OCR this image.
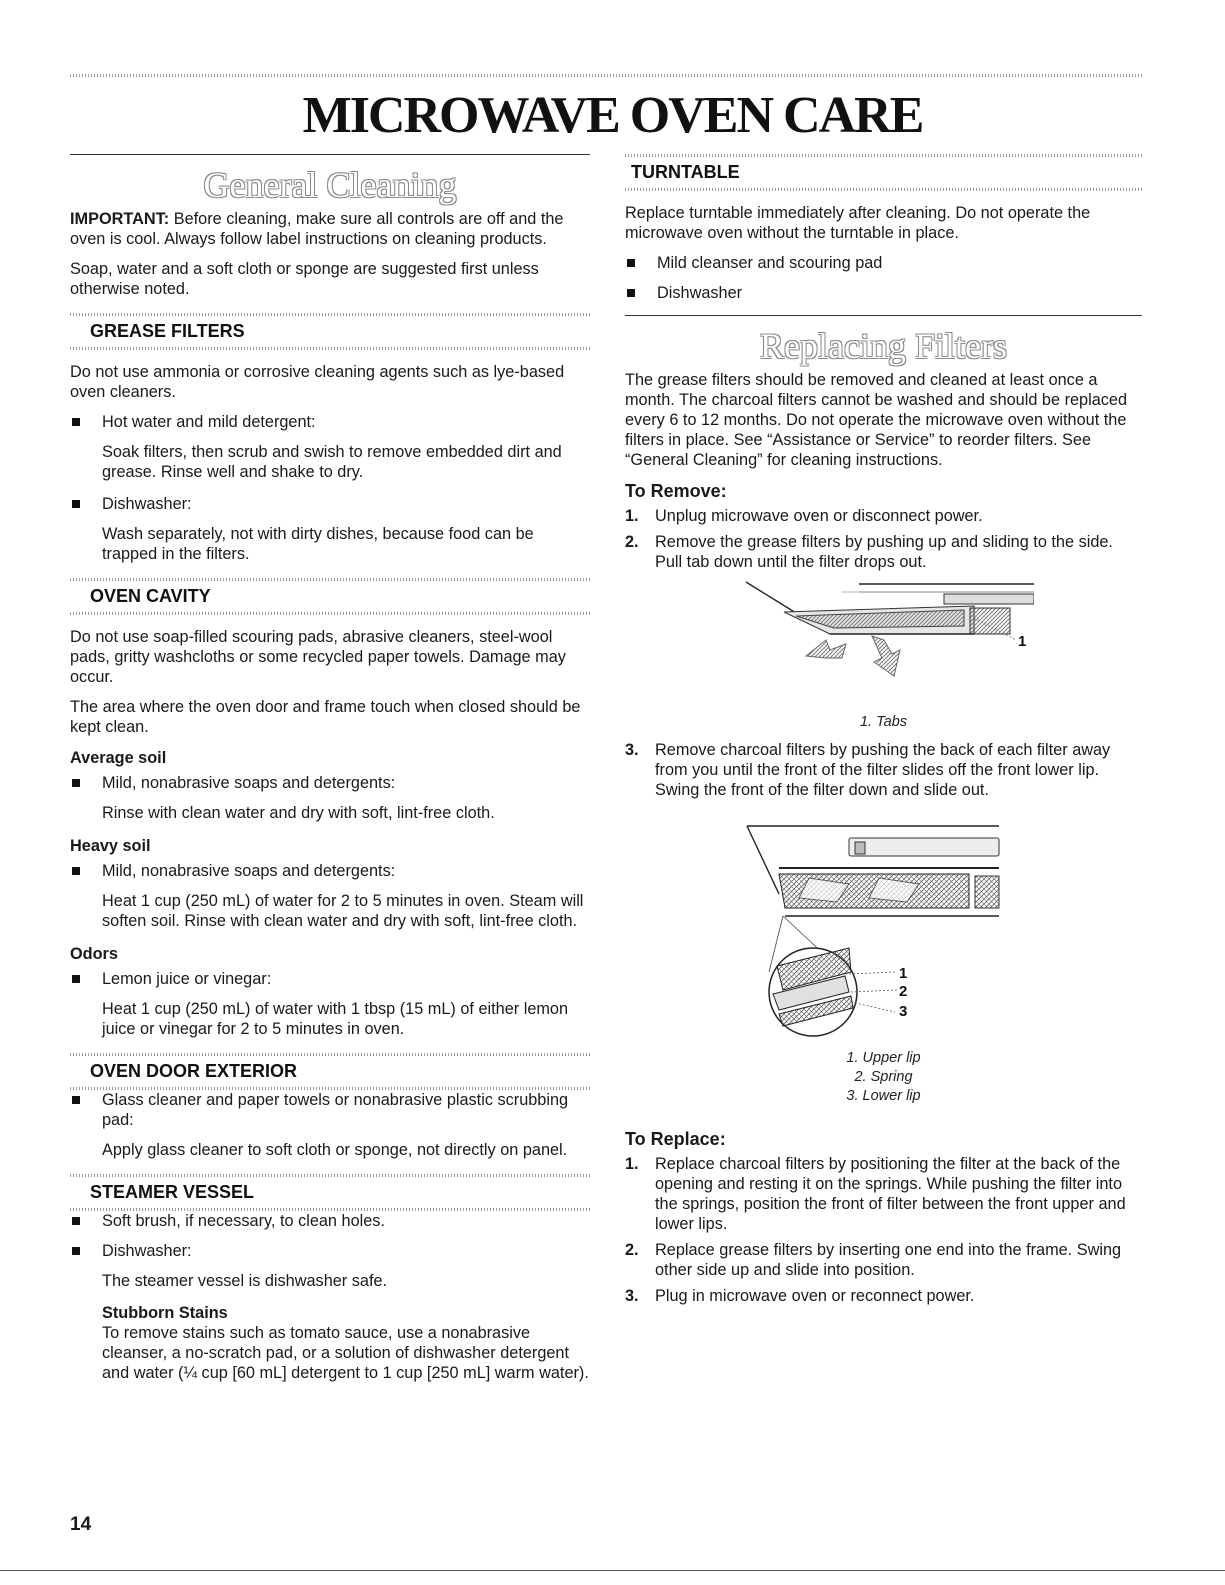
MICROWAVE OVEN CARE
General Cleaning

IMPORTANT: Before cleaning, make sure all controls are off and the oven is cool. Always follow label instructions on cleaning products.

Soap, water and a soft cloth or sponge are suggested first unless otherwise noted.

GREASE FILTERS

Do not use ammonia or corrosive cleaning agents such as lye-based oven cleaners.

Hot water and mild detergent:
Soak filters, then scrub and swish to remove embedded dirt and grease. Rinse well and shake to dry.
Dishwasher:
Wash separately, not with dirty dishes, because food can be trapped in the filters.
OVEN CAVITY

Do not use soap-filled scouring pads, abrasive cleaners, steel-wool pads, gritty washcloths or some recycled paper towels. Damage may occur.

The area where the oven door and frame touch when closed should be kept clean.

Average soil
Mild, nonabrasive soaps and detergents:
Rinse with clean water and dry with soft, lint-free cloth.
Heavy soil
Mild, nonabrasive soaps and detergents:
Heat 1 cup (250 mL) of water for 2 to 5 minutes in oven. Steam will soften soil. Rinse with clean water and dry with soft, lint-free cloth.
Odors
Lemon juice or vinegar:
Heat 1 cup (250 mL) of water with 1 tbsp (15 mL) of either lemon juice or vinegar for 2 to 5 minutes in oven.
OVEN DOOR EXTERIOR
Glass cleaner and paper towels or nonabrasive plastic scrubbing pad:
Apply glass cleaner to soft cloth or sponge, not directly on panel.
STEAMER VESSEL
Soft brush, if necessary, to clean holes.
Dishwasher:
The steamer vessel is dishwasher safe.
Stubborn Stains
To remove stains such as tomato sauce, use a nonabrasive cleanser, a no-scratch pad, or a solution of dishwasher detergent and water (¼ cup [60 mL] detergent to 1 cup [250 mL] warm water).
TURNTABLE

Replace turntable immediately after cleaning. Do not operate the microwave oven without the turntable in place.

Mild cleanser and scouring pad
Dishwasher
Replacing Filters

The grease filters should be removed and cleaned at least once a month. The charcoal filters cannot be washed and should be replaced every 6 to 12 months. Do not operate the microwave oven without the filters in place. See “Assistance or Service” to reorder filters. See “General Cleaning” for cleaning instructions.

To Remove:
1. Unplug microwave oven or disconnect power.
2. Remove the grease filters by pushing up and sliding to the side. Pull tab down until the filter drops out.
1
1. Tabs
3. Remove charcoal filters by pushing the back of each filter away from you until the front of the filter slides off the front lower lip. Swing the front of the filter down and slide out.
1
2
3
1. Upper lip
2. Spring
3. Lower lip
To Replace:
1. Replace charcoal filters by positioning the filter at the back of the opening and resting it on the springs. While pushing the filter into the springs, position the front of filter between the front upper and lower lips.
2. Replace grease filters by inserting one end into the frame. Swing other side up and slide into position.
3. Plug in microwave oven or reconnect power.
14
